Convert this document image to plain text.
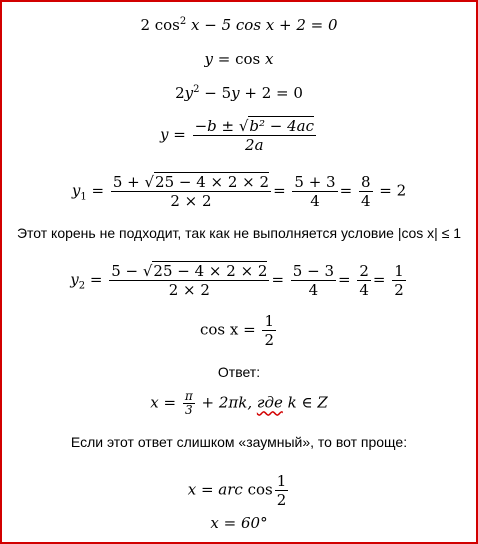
2 $\cos^2 x - 5$ cos x + 2 = 0
y = cos x
$2y^2 - 5y + 2 = 0$
$y = \frac{\text{−b ± √b² − 4ac}}{2a}$
$y_1 = \frac{5 + √25 - 4 \times 2 \times 2}{2 \times 2} = \frac{5 + 3}{4} = \frac{8}{4} = 2$
Этот корень не подходит, так как не выполняется условие |cos x| ≤ 1
$y_2 = \frac{5 - √25 - 4 \times 2 \times 2}{2 \times 2} = \frac{5 - 3}{4} = \frac{2}{4} = \frac{1}{2}$
$\cos x = \frac{1}{2}$
Ответ:
$x = \frac{\pi}{3} + 2\pi k$, где k ∈ Z
Если этот ответ слишком «заумный», то вот проще:
x = arc $\cos \frac{1}{2}$
x = 60°
